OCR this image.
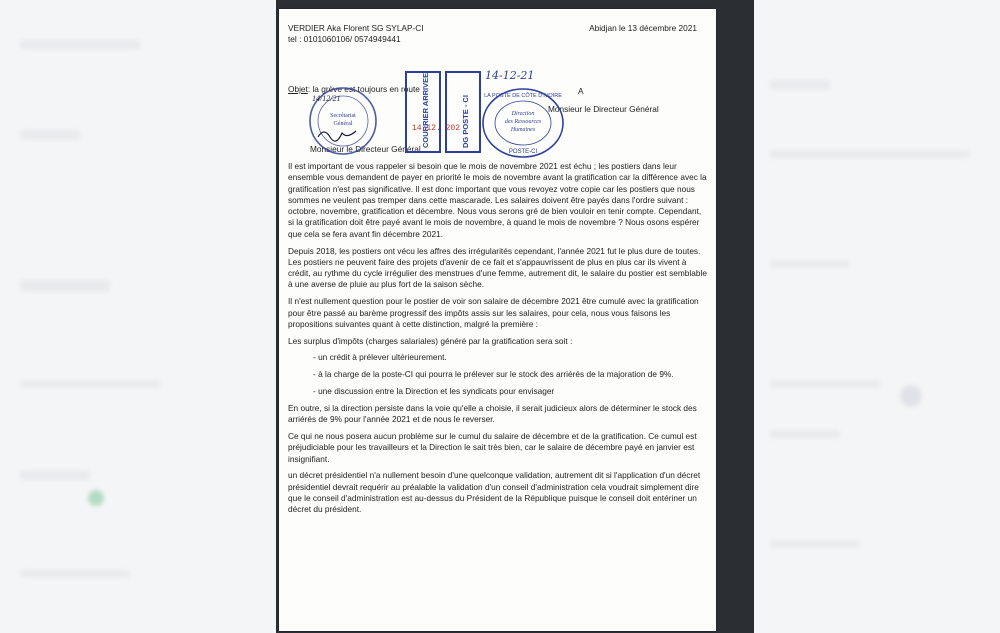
VERDIER Aka Florent SG SYLAP-CI
tel : 0101060106/ 0574949441
Abidjan le 13 décembre 2021
Objet: la grève est toujours en route	A
Monsieur le Directeur Général
Monsieur le Directeur Général
Secrétariat
Général
14/12/21	COURRIER ARRIVEE	DG POSTE - CI
14 12. 202
14-12-21
Direction
des Ressources
Humaines
LA POSTE DE CÔTE D'IVOIRE
POSTE-CI

Il est important de vous rappeler si besoin que le mois de novembre 2021 est échu ; les postiers dans leur ensemble vous demandent de payer en priorité le mois de novembre avant la gratification car la différence avec la gratification n'est pas significative. Il est donc important que vous revoyez votre copie car les postiers que nous sommes ne veulent pas tremper dans cette mascarade. Les salaires doivent être payés dans l'ordre suivant : octobre, novembre, gratification et décembre. Nous vous serons gré de bien vouloir en tenir compte. Cependant, si la gratification doit être payé avant le mois de novembre, à quand le mois de novembre ? Nous osons espérer que cela se fera avant fin décembre 2021.

Depuis 2018, les postiers ont vécu les affres des irrégularités cependant, l'année 2021 fut le plus dure de toutes. Les postiers ne peuvent faire des projets d'avenir de ce fait et s'appauvrissent de plus en plus car ils vivent à crédit, au rythme du cycle irrégulier des menstrues d'une femme, autrement dit, le salaire du postier est semblable à une averse de pluie au plus fort de la saison sèche.

Il n'est nullement question pour le postier de voir son salaire de décembre 2021 être cumulé avec la gratification pour être passé au barème progressif des impôts assis sur les salaires, pour cela, nous vous faisons les propositions suivantes quant à cette distinction, malgré la première :

Les surplus d'impôts (charges salariales) généré par la gratification sera soit :

- un crédit à prélever ultérieurement.

- à la charge de la poste-CI qui pourra le prélever sur le stock des arriérés de la majoration de 9%.

- une discussion entre la Direction et les syndicats pour envisager

En outre, si la direction persiste dans la voie qu'elle a choisie, il serait judicieux alors de déterminer le stock des arriérés de 9% pour l'année 2021 et de nous le reverser.

Ce qui ne nous posera aucun problème sur le cumul du salaire de décembre et de la gratification. Ce cumul est préjudiciable pour les travailleurs et la Direction le sait très bien, car le salaire de décembre payé en janvier est insignifiant.

un décret présidentiel n'a nullement besoin d'une quelconque validation, autrement dit si l'application d'un décret présidentiel devrait requérir au préalable la validation d'un conseil d'administration cela voudrait simplement dire que le conseil d'administration est au-dessus du Président de la République puisque le conseil doit entériner un décret du président.
